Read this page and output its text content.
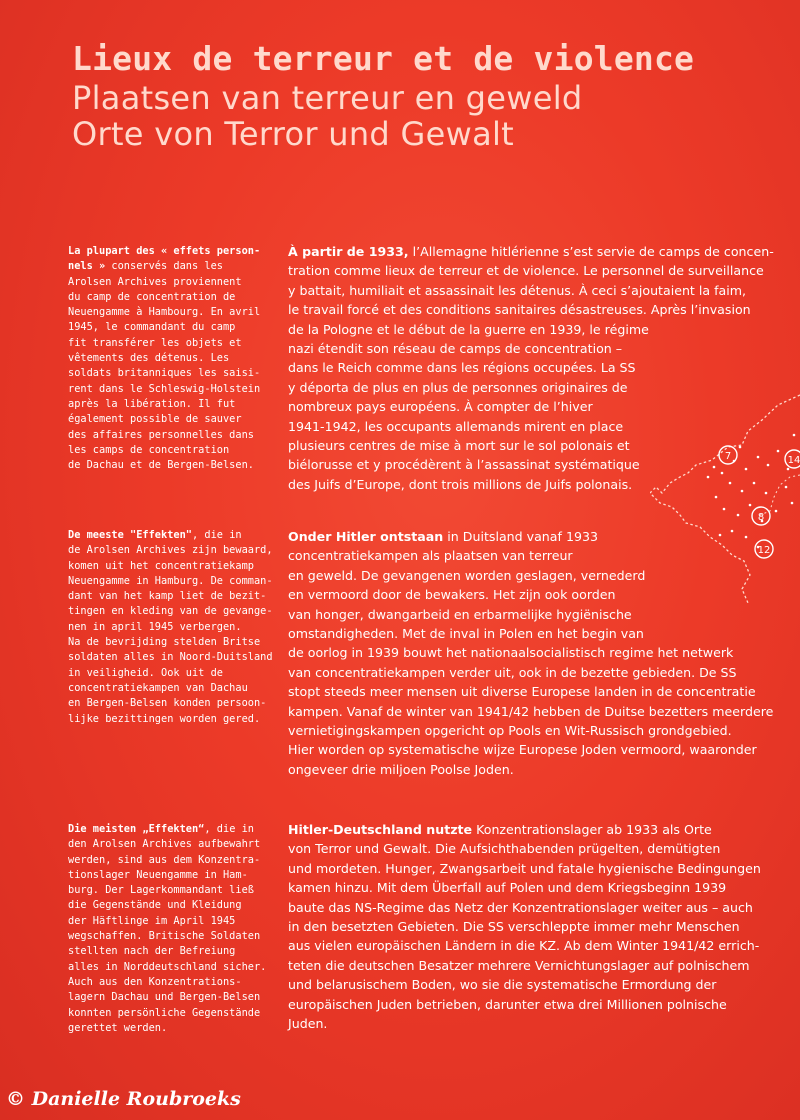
Lieux de terreur et de violence
Plaatsen van terreur en geweld
Orte von Terror und Gewalt
La plupart des « effets person-
nels » conservés dans les
Arolsen Archives proviennent
du camp de concentration de
Neuengamme à Hambourg. En avril
1945, le commandant du camp
fit transférer les objets et
vêtements des détenus. Les
soldats britanniques les saisi-
rent dans le Schleswig-Holstein
après la libération. Il fut
également possible de sauver
des affaires personnelles dans
les camps de concentration
de Dachau et de Bergen-Belsen.
De meeste "Effekten", die in
de Arolsen Archives zijn bewaard,
komen uit het concentratiekamp
Neuengamme in Hamburg. De comman-
dant van het kamp liet de bezit-
tingen en kleding van de gevange-
nen in april 1945 verbergen.
Na de bevrijding stelden Britse
soldaten alles in Noord-Duitsland
in veiligheid. Ook uit de
concentratiekampen van Dachau
en Bergen-Belsen konden persoon-
lijke bezittingen worden gered.
Die meisten „Effekten“, die in
den Arolsen Archives aufbewahrt
werden, sind aus dem Konzentra-
tionslager Neuengamme in Ham-
burg. Der Lagerkommandant ließ
die Gegenstände und Kleidung
der Häftlinge im April 1945
wegschaffen. Britische Soldaten
stellten nach der Befreiung
alles in Norddeutschland sicher.
Auch aus den Konzentrations-
lagern Dachau und Bergen-Belsen
konnten persönliche Gegenstände
gerettet werden.
À partir de 1933, l’Allemagne hitlérienne s’est servie de camps de concen-
tration comme lieux de terreur et de violence. Le personnel de surveillance
y battait, humiliait et assassinait les détenus. À ceci s’ajoutaient la faim,
le travail forcé et des conditions sanitaires désastreuses. Après l’invasion
de la Pologne et le début de la guerre en 1939, le régime
nazi étendit son réseau de camps de concentration –
dans le Reich comme dans les régions occupées. La SS
y déporta de plus en plus de personnes originaires de
nombreux pays européens. À compter de l’hiver
1941-1942, les occupants allemands mirent en place
plusieurs centres de mise à mort sur le sol polonais et
biélorusse et y procédèrent à l’assassinat systématique
des Juifs d’Europe, dont trois millions de Juifs polonais.
Onder Hitler ontstaan in Duitsland vanaf 1933
concentratiekampen als plaatsen van terreur
en geweld. De gevangenen worden geslagen, vernederd
en vermoord door de bewakers. Het zijn ook oorden
van honger, dwangarbeid en erbarmelijke hygiënische
omstandigheden. Met de inval in Polen en het begin van
de oorlog in 1939 bouwt het nationaalsocialistisch regime het netwerk
van concentratiekampen verder uit, ook in de bezette gebieden. De SS
stopt steeds meer mensen uit diverse Europese landen in de concentratie
kampen. Vanaf de winter van 1941/42 hebben de Duitse bezetters meerdere
vernietigingskampen opgericht op Pools en Wit-Russisch grondgebied.
Hier worden op systematische wijze Europese Joden vermoord, waaronder
ongeveer drie miljoen Poolse Joden.
Hitler-Deutschland nutzte Konzentrationslager ab 1933 als Orte
von Terror und Gewalt. Die Aufsichthabenden prügelten, demütigten
und mordeten. Hunger, Zwangsarbeit und fatale hygienische Bedingungen
kamen hinzu. Mit dem Überfall auf Polen und dem Kriegsbeginn 1939
baute das NS-Regime das Netz der Konzentrationslager weiter aus – auch
in den besetzten Gebieten. Die SS verschleppte immer mehr Menschen
aus vielen europäischen Ländern in die KZ. Ab dem Winter 1941/42 errich-
teten die deutschen Besatzer mehrere Vernichtungslager auf polnischem
und belarusischem Boden, wo sie die systematische Ermordung der
europäischen Juden betrieben, darunter etwa drei Millionen polnische
Juden.
7	14
8
12
© Danielle Roubroeks
